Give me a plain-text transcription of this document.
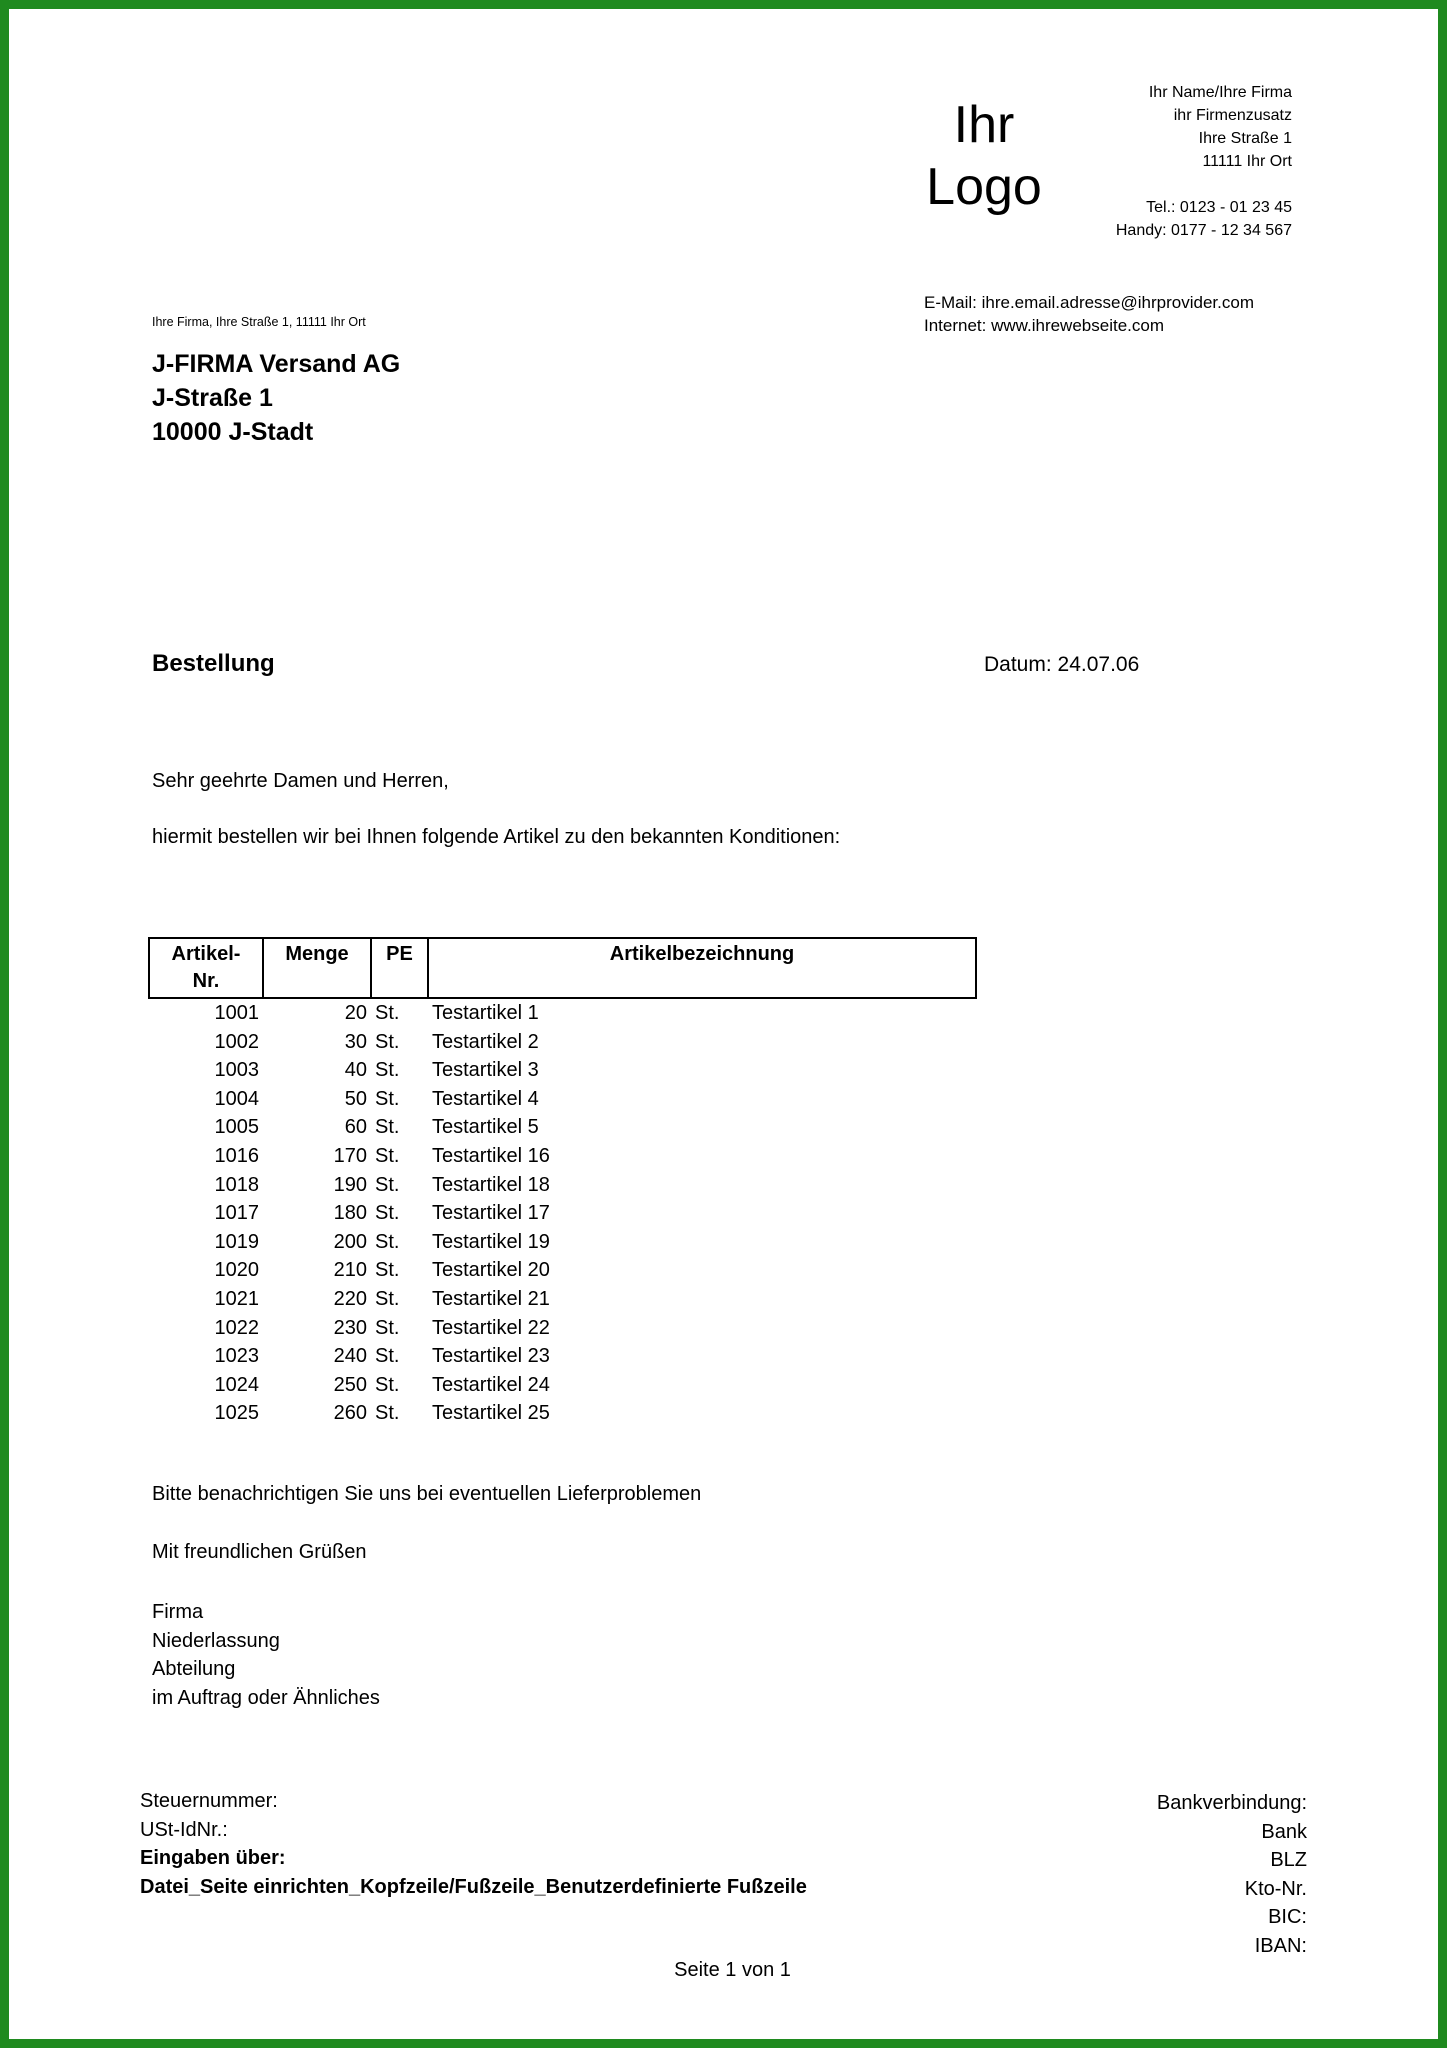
Ihr
Logo
Ihr Name/Ihre Firma
ihr Firmenzusatz
Ihre Straße 1
11111 Ihr Ort
Tel.: 0123 - 01 23 45
Handy: 0177 - 12 34 567
E-Mail: ihre.email.adresse@ihrprovider.com
Internet: www.ihrewebseite.com
Ihre Firma, Ihre Straße 1, 11111 Ihr Ort
J-FIRMA Versand AG
J-Straße 1
10000 J-Stadt
Bestellung	Datum: 24.07.06
Sehr geehrte Damen und Herren,
hiermit bestellen wir bei Ihnen folgende Artikel zu den bekannten Konditionen:
Artikel-
Nr.	Menge	PE	Artikelbezeichnung
1001	20	St.	Testartikel 1
1002	30	St.	Testartikel 2
1003	40	St.	Testartikel 3
1004	50	St.	Testartikel 4
1005	60	St.	Testartikel 5
1016	170	St.	Testartikel 16
1018	190	St.	Testartikel 18
1017	180	St.	Testartikel 17
1019	200	St.	Testartikel 19
1020	210	St.	Testartikel 20
1021	220	St.	Testartikel 21
1022	230	St.	Testartikel 22
1023	240	St.	Testartikel 23
1024	250	St.	Testartikel 24
1025	260	St.	Testartikel 25
Bitte benachrichtigen Sie uns bei eventuellen Lieferproblemen
Mit freundlichen Grüßen
Firma
Niederlassung
Abteilung
im Auftrag oder Ähnliches
Steuernummer:
USt-IdNr.:
Eingaben über:
Datei_Seite einrichten_Kopfzeile/Fußzeile_Benutzerdefinierte Fußzeile
Bankverbindung:
Bank
BLZ
Kto-Nr.
BIC:
IBAN:
Seite 1 von 1
